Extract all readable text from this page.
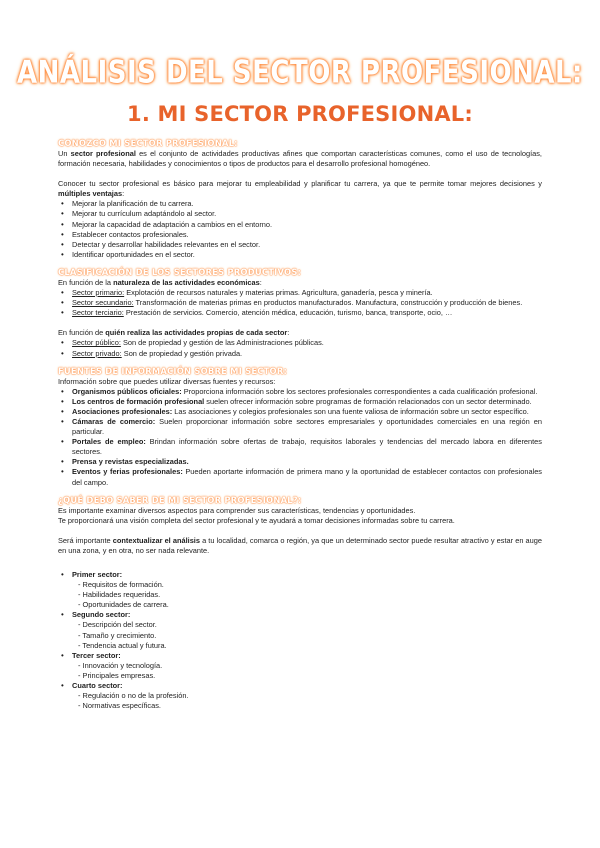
ANÁLISIS DEL SECTOR PROFESIONAL:
1. MI SECTOR PROFESIONAL:
CONOZCO MI SECTOR PROFESIONAL:

Un sector profesional es el conjunto de actividades productivas afines que comportan características comunes, como el uso de tecnologías, formación necesaria, habilidades y conocimientos o tipos de productos para el desarrollo profesional homogéneo.

Conocer tu sector profesional es básico para mejorar tu empleabilidad y planificar tu carrera, ya que te permite tomar mejores decisiones y múltiples ventajas:

• Mejorar la planificación de tu carrera.
• Mejorar tu currículum adaptándolo al sector.
• Mejorar la capacidad de adaptación a cambios en el entorno.
• Establecer contactos profesionales.
• Detectar y desarrollar habilidades relevantes en el sector.
• Identificar oportunidades en el sector.
CLASIFICACIÓN DE LOS SECTORES PRODUCTIVOS:

En función de la naturaleza de las actividades económicas:

• Sector primario: Explotación de recursos naturales y materias primas. Agricultura, ganadería, pesca y minería.
• Sector secundario: Transformación de materias primas en productos manufacturados. Manufactura, construcción y producción de bienes.
• Sector terciario: Prestación de servicios. Comercio, atención médica, educación, turismo, banca, transporte, ocio, …

En función de quién realiza las actividades propias de cada sector:

• Sector público: Son de propiedad y gestión de las Administraciones públicas.
• Sector privado: Son de propiedad y gestión privada.
FUENTES DE INFORMACIÓN SOBRE MI SECTOR:

Información sobre que puedes utilizar diversas fuentes y recursos:

• Organismos públicos oficiales: Proporciona información sobre los sectores profesionales correspondientes a cada cualificación profesional.
• Los centros de formación profesional suelen ofrecer información sobre programas de formación relacionados con un sector determinado.
• Asociaciones profesionales: Las asociaciones y colegios profesionales son una fuente valiosa de información sobre un sector específico.
• Cámaras de comercio: Suelen proporcionar información sobre sectores empresariales y oportunidades comerciales en una región en particular.
• Portales de empleo: Brindan información sobre ofertas de trabajo, requisitos laborales y tendencias del mercado labora en diferentes sectores.
• Prensa y revistas especializadas.
• Eventos y ferias profesionales: Pueden aportarte información de primera mano y la oportunidad de establecer contactos con profesionales del campo.
¿QUÉ DEBO SABER DE MI SECTOR PROFESIONAL?:

Es importante examinar diversos aspectos para comprender sus características, tendencias y oportunidades.

Te proporcionará una visión completa del sector profesional y te ayudará a tomar decisiones informadas sobre tu carrera.

Será importante contextualizar el análisis a tu localidad, comarca o región, ya que un determinado sector puede resultar atractivo y estar en auge en una zona, y en otra, no ser nada relevante.

• Primer sector:
- Requisitos de formación.
- Habilidades requeridas.
- Oportunidades de carrera.
• Segundo sector:
- Descripción del sector.
- Tamaño y crecimiento.
- Tendencia actual y futura.
• Tercer sector:
- Innovación y tecnología.
- Principales empresas.
• Cuarto sector:
- Regulación o no de la profesión.
- Normativas específicas.
